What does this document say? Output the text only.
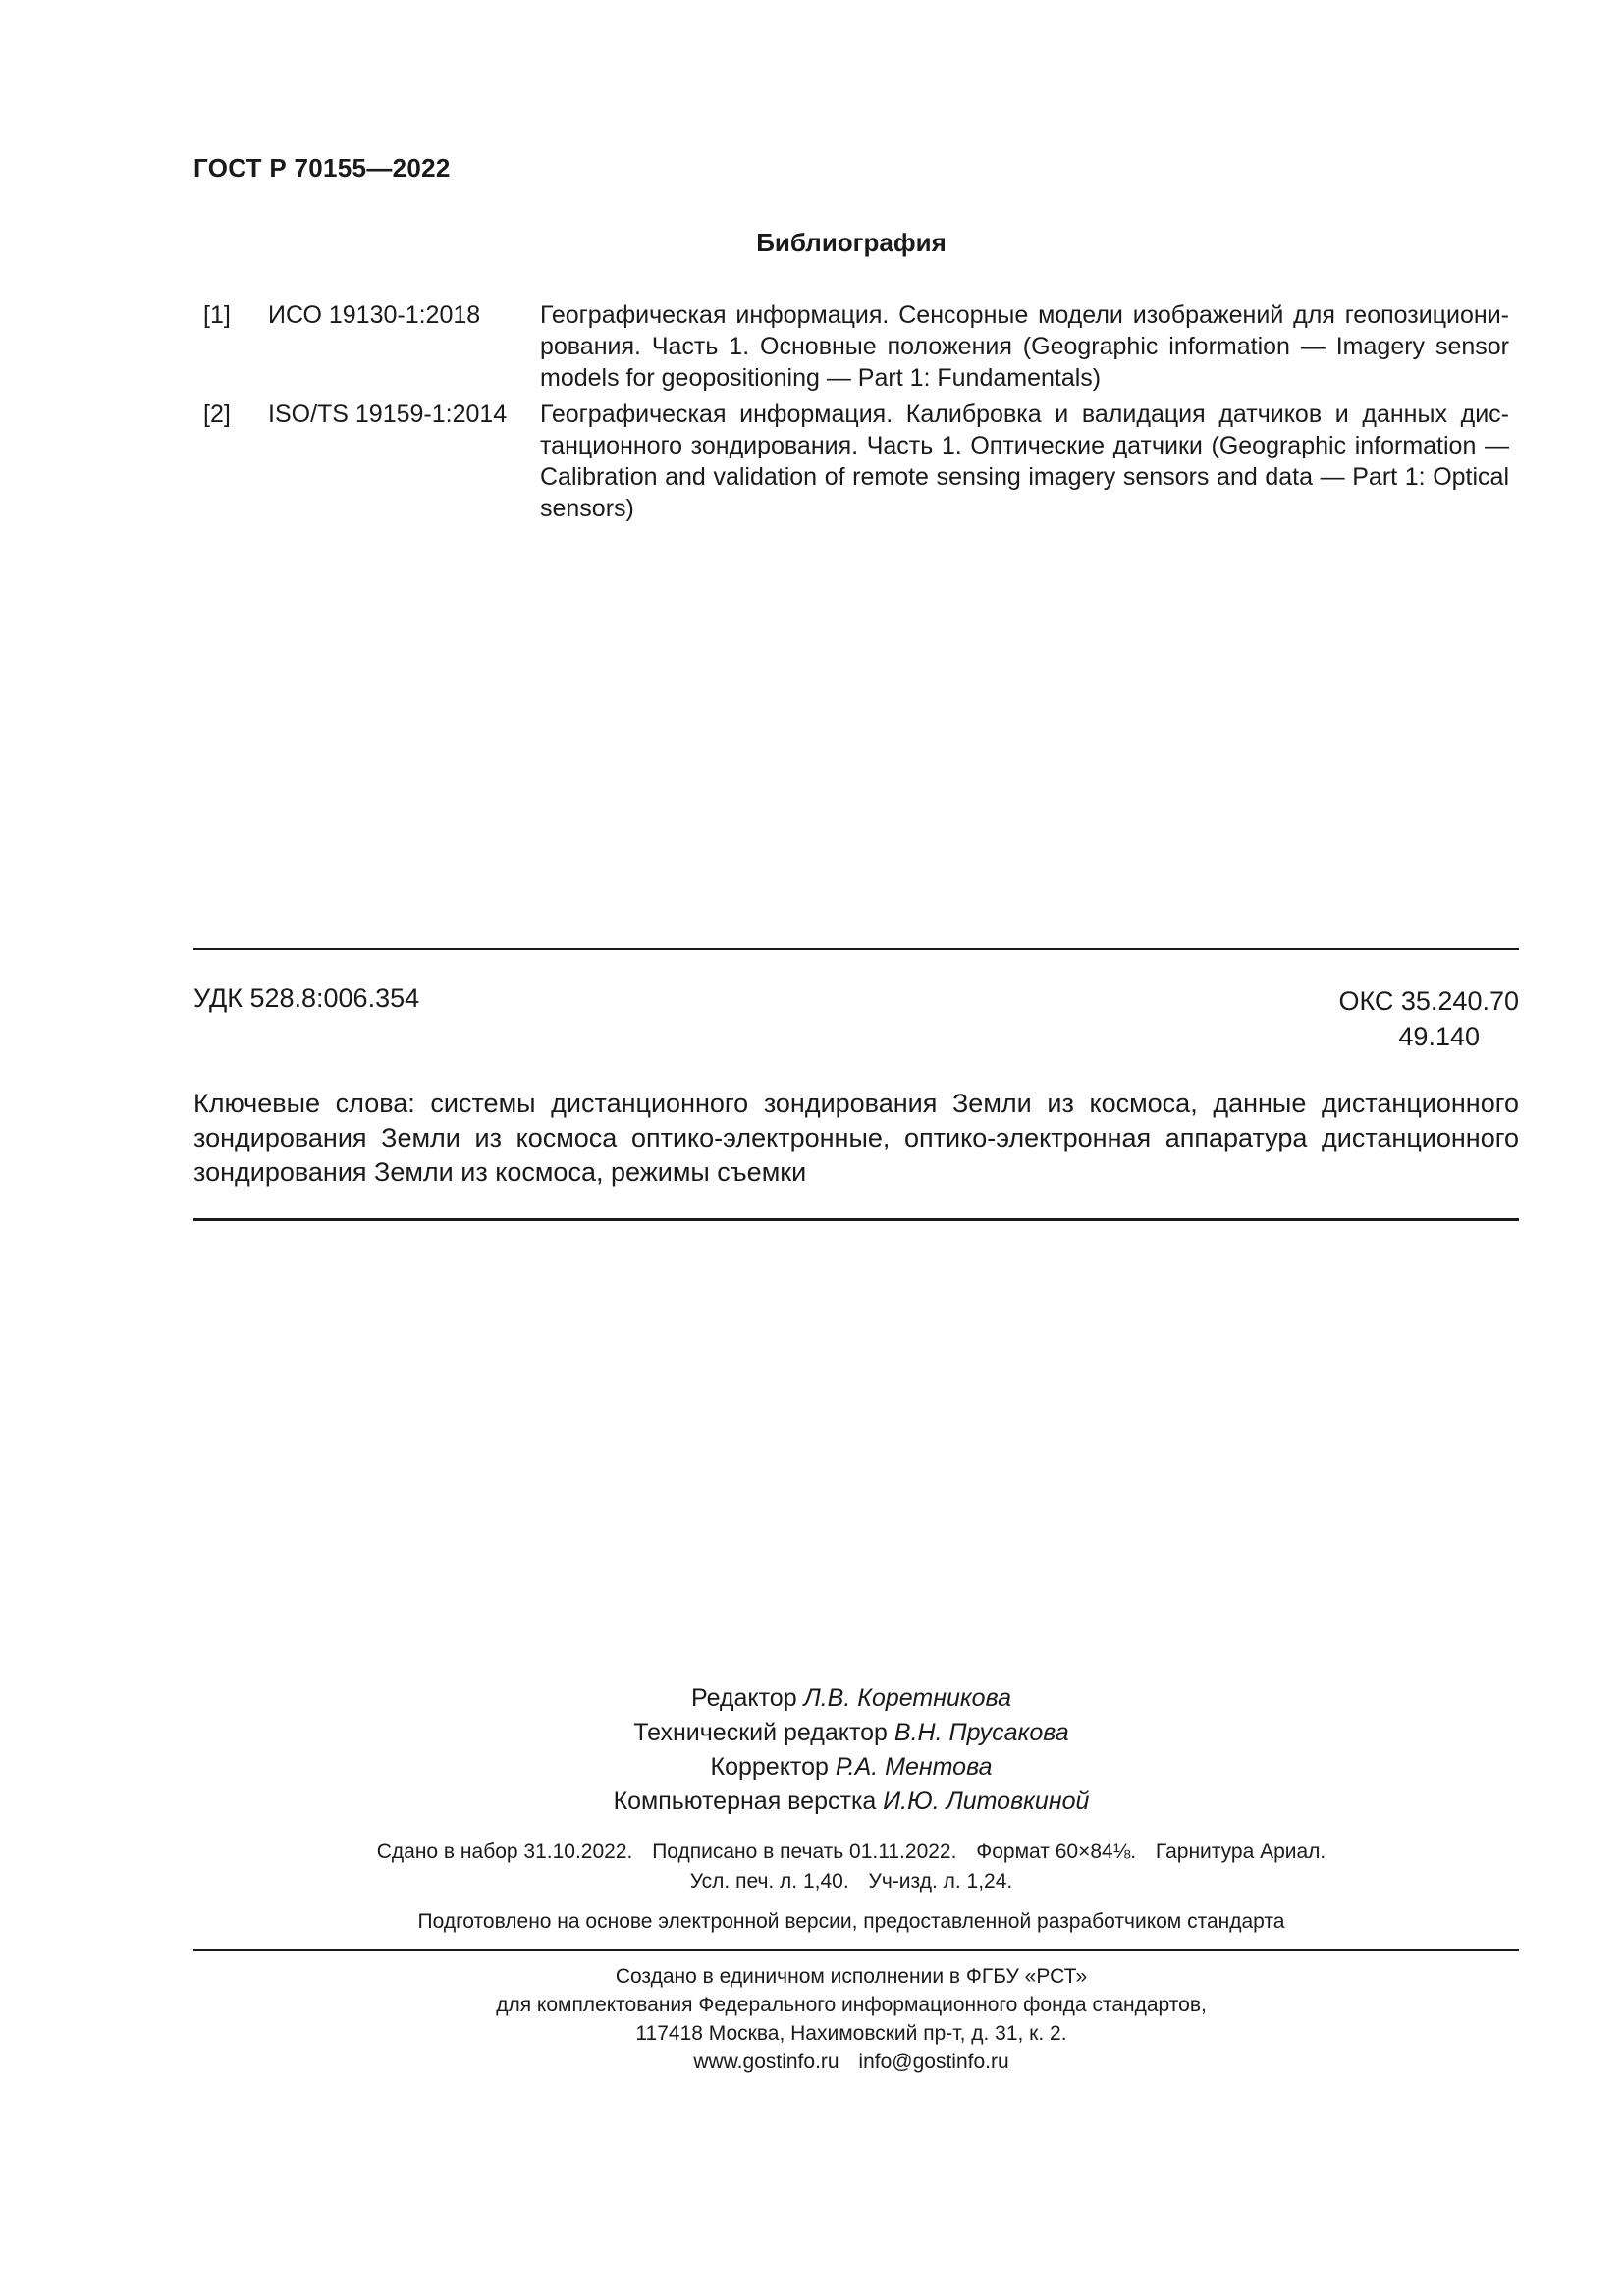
ГОСТ Р 70155—2022
Библиография
[1] ИСО 19130-1:2018 Географическая информация. Сенсорные модели изображений для геопозициони-
рования. Часть 1. Основные положения (Geographic information — Imagery sensor
models for geopositioning — Part 1: Fundamentals)
[2] ISO/TS 19159-1:2014 Географическая информация. Калибровка и валидация датчиков и данных дис-
танционного зондирования. Часть 1. Оптические датчики (Geographic information —
Calibration and validation of remote sensing imagery sensors and data — Part 1: Optical
sensors)
УДК 528.8:006.354	ОКС 35.240.70
49.140
Ключевые слова: системы дистанционного зондирования Земли из космоса, данные дистанционного
зондирования Земли из космоса оптико-электронные, оптико-электронная аппаратура дистанционного
зондирования Земли из космоса, режимы съемки
Редактор Л.В. Коретникова
Технический редактор В.Н. Прусакова
Корректор Р.А. Ментова
Компьютерная верстка И.Ю. Литовкиной
Сдано в набор 31.10.2022. Подписано в печать 01.11.2022. Формат 60×84⅛. Гарнитура Ариал.
Усл. печ. л. 1,40. Уч-изд. л. 1,24.
Подготовлено на основе электронной версии, предоставленной разработчиком стандарта
Создано в единичном исполнении в ФГБУ «РСТ»
для комплектования Федерального информационного фонда стандартов,
117418 Москва, Нахимовский пр-т, д. 31, к. 2.
www.gostinfo.ru info@gostinfo.ru
